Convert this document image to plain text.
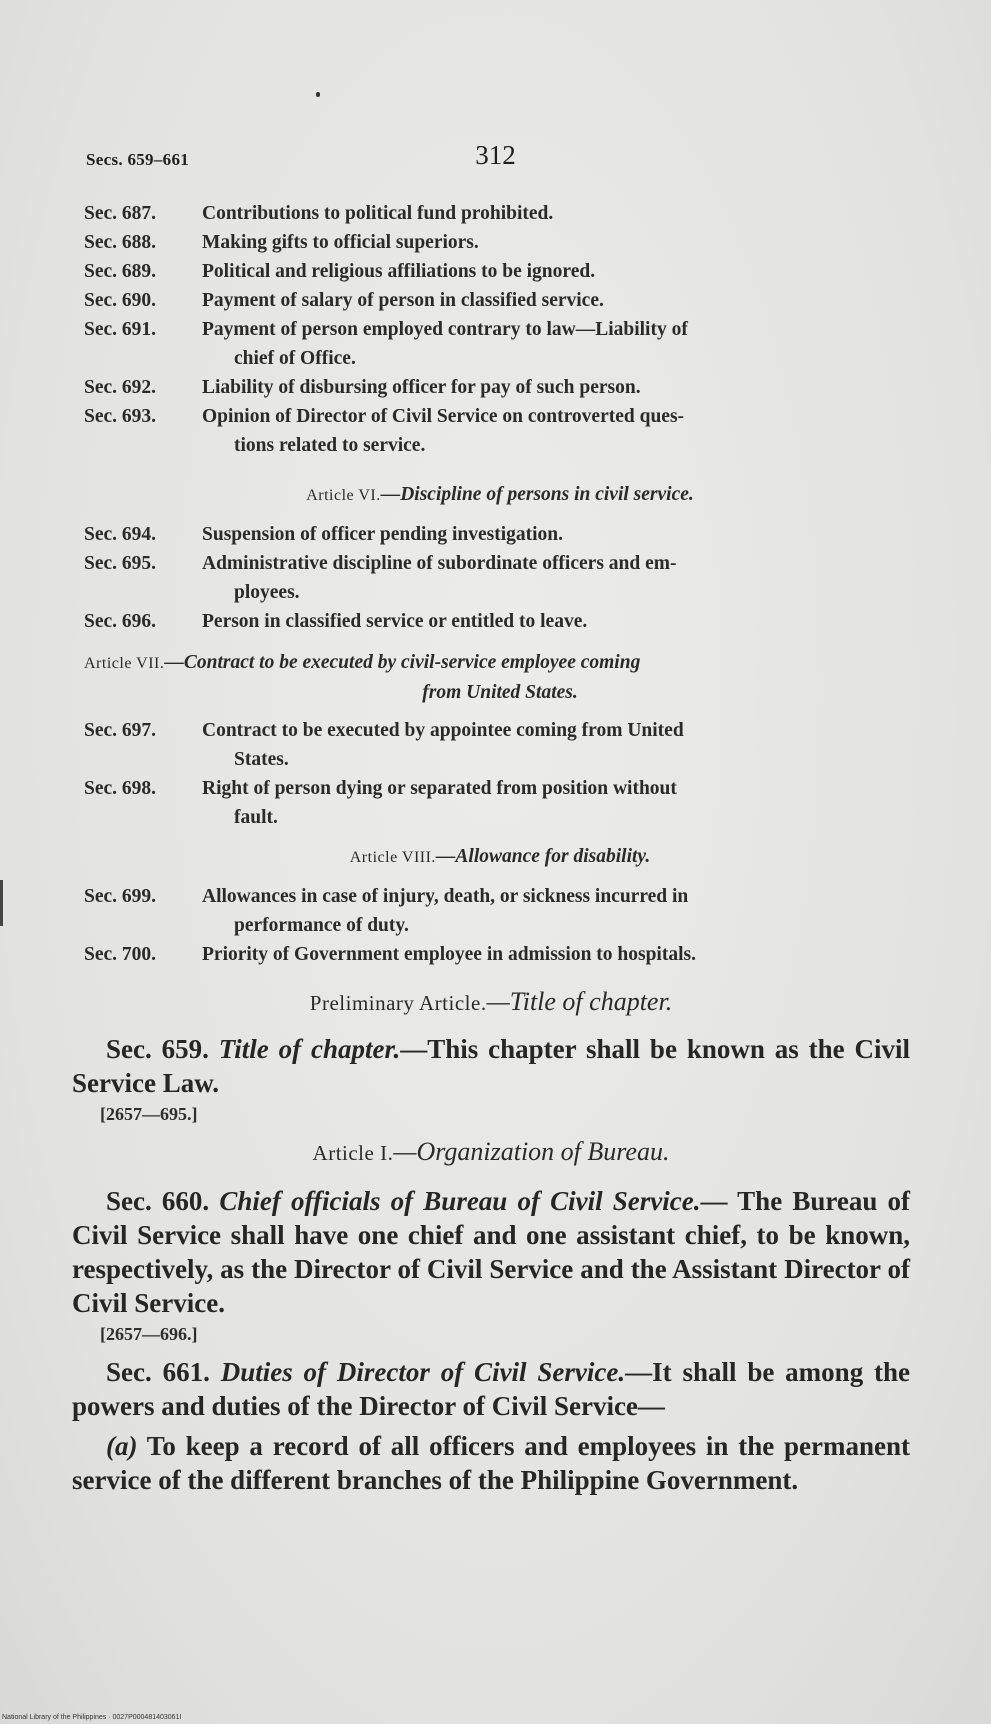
Secs. 659–661	312
Sec. 687. Contributions to political fund prohibited.
Sec. 688. Making gifts to official superiors.
Sec. 689. Political and religious affiliations to be ignored.
Sec. 690. Payment of salary of person in classified service.
Sec. 691. Payment of person employed contrary to law—Liability of
chief of Office.
Sec. 692. Liability of disbursing officer for pay of such person.
Sec. 693. Opinion of Director of Civil Service on controverted ques-
tions related to service.
Article VI.—Discipline of persons in civil service.
Sec. 694. Suspension of officer pending investigation.
Sec. 695. Administrative discipline of subordinate officers and em-
ployees.
Sec. 696. Person in classified service or entitled to leave.
Article VII.—Contract to be executed by civil-service employee coming
from United States.
Sec. 697. Contract to be executed by appointee coming from United
States.
Sec. 698. Right of person dying or separated from position without
fault.
Article VIII.—Allowance for disability.
Sec. 699. Allowances in case of injury, death, or sickness incurred in
performance of duty.
Sec. 700. Priority of Government employee in admission to hospitals.

Preliminary Article.—Title of chapter.

Sec. 659. Title of chapter.—This chapter shall be known as the Civil Service Law.

[2657—695.]

Article I.—Organization of Bureau.

Sec. 660. Chief officials of Bureau of Civil Service.— The Bureau of Civil Service shall have one chief and one assistant chief, to be known, respectively, as the Director of Civil Service and the Assistant Director of Civil Service.

[2657—696.]

Sec. 661. Duties of Director of Civil Service.—It shall be among the powers and duties of the Director of Civil Service—

(a) To keep a record of all officers and employees in the permanent service of the different branches of the Philippine Government.

National Library of the Philippines · 0027P000481403061I
